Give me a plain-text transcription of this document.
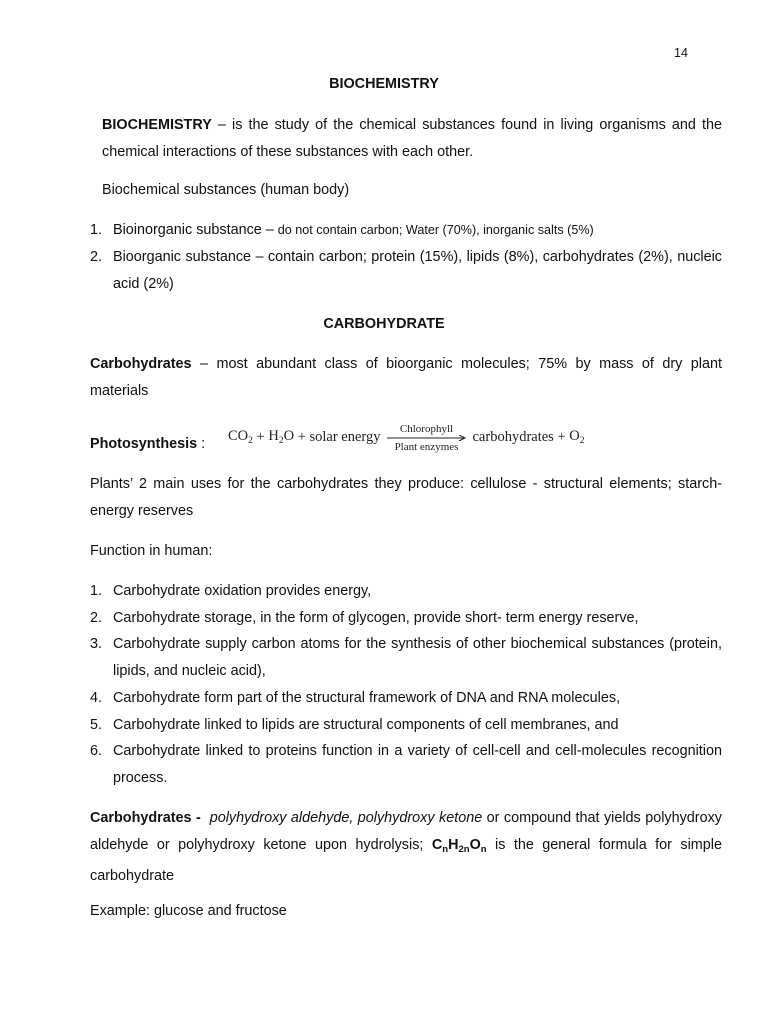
14
BIOCHEMISTRY
BIOCHEMISTRY – is the study of the chemical substances found in living organisms and the chemical interactions of these substances with each other.
Biochemical substances (human body)
1. Bioinorganic substance – do not contain carbon; Water (70%), inorganic salts (5%)
2. Bioorganic substance – contain carbon; protein (15%), lipids (8%), carbohydrates (2%), nucleic acid (2%)
CARBOHYDRATE
Carbohydrates – most abundant class of bioorganic molecules; 75% by mass of dry plant materials
Photosynthesis : $CO_2 + H_2O$ + solar energy Chlorophyll
Plant enzymes
carbohydrates + $O_2$
Plants’ 2 main uses for the carbohydrates they produce: cellulose - structural elements; starch-energy reserves
Function in human:
1. Carbohydrate oxidation provides energy,
2. Carbohydrate storage, in the form of glycogen, provide short- term energy reserve,
3. Carbohydrate supply carbon atoms for the synthesis of other biochemical substances (protein, lipids, and nucleic acid),
4. Carbohydrate form part of the structural framework of DNA and RNA molecules,
5. Carbohydrate linked to lipids are structural components of cell membranes, and
6. Carbohydrate linked to proteins function in a variety of cell-cell and cell-molecules recognition process.
Carbohydrates - polyhydroxy aldehyde, polyhydroxy ketone or compound that yields polyhydroxy aldehyde or polyhydroxy ketone upon hydrolysis; $C_nH_{2n}O_n$ is the general formula for simple carbohydrate
Example: glucose and fructose
